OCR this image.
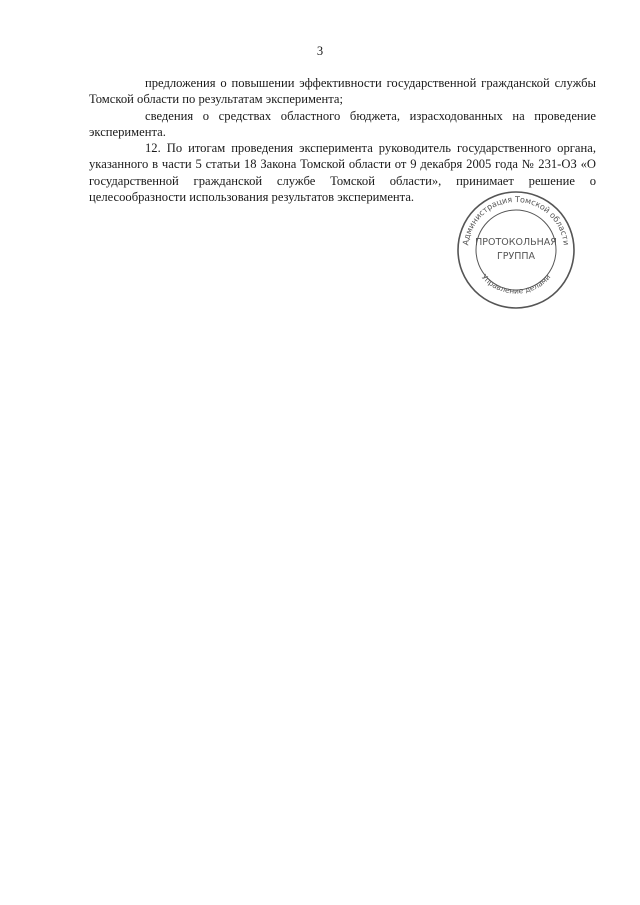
3

предложения о повышении эффективности государственной гражданской службы Томской области по результатам эксперимента;

сведения о средствах областного бюджета, израсходованных на проведение эксперимента.

12. По итогам проведения эксперимента руководитель государственного органа, указанного в части 5 статьи 18 Закона Томской области от 9 декабря 2005 года № 231-ОЗ «О государственной гражданской службе Томской области», принимает решение о целесообразности использования результатов эксперимента.

Администрация Томской области
Управление делами
ПРОТОКОЛЬНАЯ
ГРУППА
